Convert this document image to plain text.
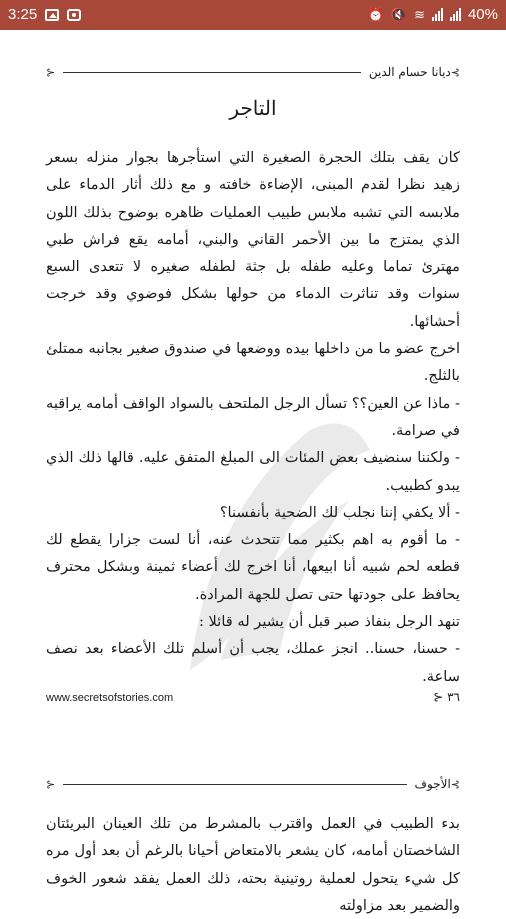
3:25	⏰ 🔇 ≋	40%
⊱
ديانا حسام الدين
⊰
التاجر

كان يقف بتلك الحجرة الصغيرة التي استأجرها بجوار منزله بسعر زهيد نظرا لقدم المبنى، الإضاءة خافته و مع ذلك أثار الدماء على ملابسه التي تشبه ملابس طبيب العمليات ظاهره بوضوح بذلك اللون الذي يمتزج ما بين الأحمر القاني والبني، أمامه يقع فراش طبي مهترئ تماما وعليه طفله بل جثة لطفله صغيره لا تتعدى السبع سنوات وقد تناثرت الدماء من حولها بشكل فوضوي وقد خرجت أحشائها.

اخرج عضو ما من داخلها بيده ووضعها في صندوق صغير بجانبه ممتلئ بالثلج.

- ماذا عن العين؟؟ تسأل الرجل الملتحف بالسواد الواقف أمامه يراقبه في صرامة.

- ولكننا سنضيف بعض المئات الى المبلغ المتفق عليه. قالها ذلك الذي يبدو كطبيب.

- ألا يكفي إننا نجلب لك الضحية بأنفسنا؟

- ما أقوم به اهم بكثير مما تتحدث عنه، أنا لست جزارا يقطع لك قطعه لحم شبيه أنا ابيعها، أنا اخرج لك أعضاء ثمينة وبشكل محترف يحافظ على جودتها حتى تصل للجهة المرادة.

تنهد الرجل بنفاذ صبر قبل أن يشير له قائلا :

- حسنا، حسنا.. انجز عملك، يجب أن أسلم تلك الأعضاء بعد نصف ساعة.

www.secretsofstories.com	⊱ ٣٦
⊱
الأجوف
⊰

بدء الطبيب في العمل واقترب بالمشرط من تلك العينان البريئتان الشاخصتان أمامه، كان يشعر بالامتعاض أحيانا بالرغم أن بعد أول مره كل شيء يتحول لعملية روتينية بحته، ذلك العمل يفقد شعور الخوف والضمير بعد مزاولته
